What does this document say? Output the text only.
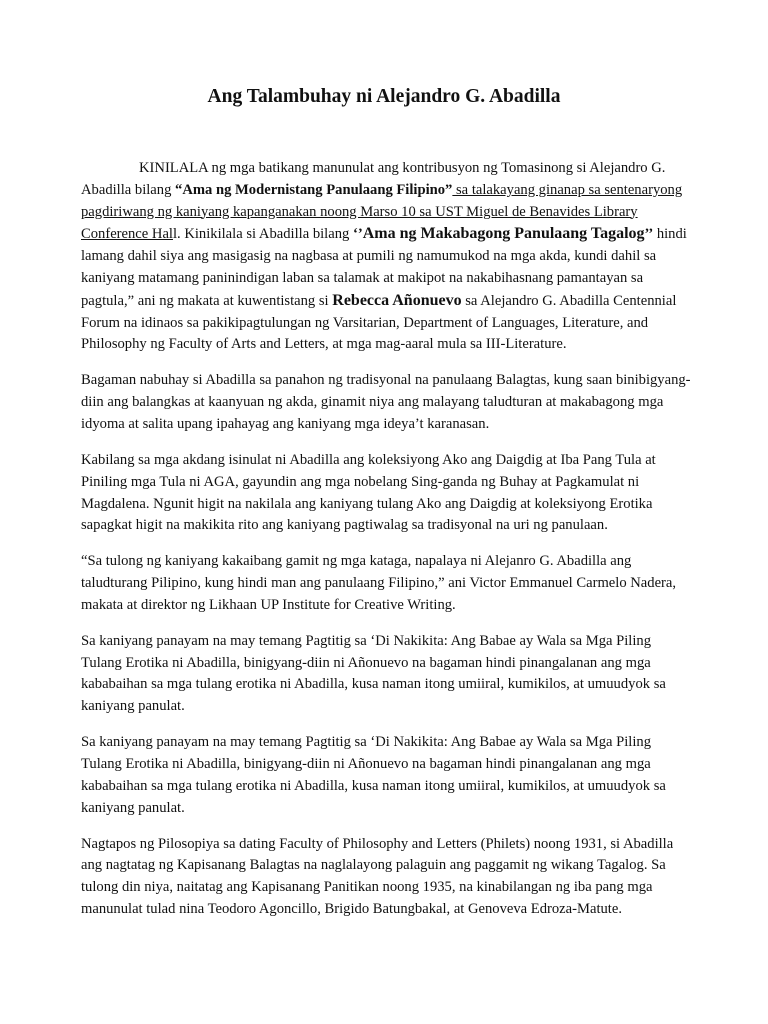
Ang Talambuhay ni Alejandro G. Abadilla

KINILALA ng mga batikang manunulat ang kontribusyon ng Tomasinong si Alejandro G. Abadilla bilang “Ama ng Modernistang Panulaang Filipino” sa talakayang ginanap sa sentenaryong pagdiriwang ng kaniyang kapanganakan noong Marso 10 sa UST Miguel de Benavides Library Conference Hall. Kinikilala si Abadilla bilang ‘’Ama ng Makabagong Panulaang Tagalog’’ hindi lamang dahil siya ang masigasig na nagbasa at pumili ng namumukod na mga akda, kundi dahil sa kaniyang matamang paninindigan laban sa talamak at makipot na nakabihasnang pamantayan sa pagtula,” ani ng makata at kuwentistang si Rebecca Añonuevo sa Alejandro G. Abadilla Centennial Forum na idinaos sa pakikipagtulungan ng Varsitarian, Department of Languages, Literature, and Philosophy ng Faculty of Arts and Letters, at mga mag-aaral mula sa III-Literature.

Bagaman nabuhay si Abadilla sa panahon ng tradisyonal na panulaang Balagtas, kung saan binibigyang-diin ang balangkas at kaanyuan ng akda, ginamit niya ang malayang taludturan at makabagong mga idyoma at salita upang ipahayag ang kaniyang mga ideya’t karanasan.

Kabilang sa mga akdang isinulat ni Abadilla ang koleksiyong Ako ang Daigdig at Iba Pang Tula at Piniling mga Tula ni AGA, gayundin ang mga nobelang Sing-ganda ng Buhay at Pagkamulat ni Magdalena. Ngunit higit na nakilala ang kaniyang tulang Ako ang Daigdig at koleksiyong Erotika sapagkat higit na makikita rito ang kaniyang pagtiwalag sa tradisyonal na uri ng panulaan.

“Sa tulong ng kaniyang kakaibang gamit ng mga kataga, napalaya ni Alejanro G. Abadilla ang taludturang Pilipino, kung hindi man ang panulaang Filipino,” ani Victor Emmanuel Carmelo Nadera, makata at direktor ng Likhaan UP Institute for Creative Writing.

Sa kaniyang panayam na may temang Pagtitig sa ‘Di Nakikita: Ang Babae ay Wala sa Mga Piling Tulang Erotika ni Abadilla, binigyang-diin ni Añonuevo na bagaman hindi pinangalanan ang mga kababaihan sa mga tulang erotika ni Abadilla, kusa naman itong umiiral, kumikilos, at umuudyok sa kaniyang panulat.

Sa kaniyang panayam na may temang Pagtitig sa ‘Di Nakikita: Ang Babae ay Wala sa Mga Piling Tulang Erotika ni Abadilla, binigyang-diin ni Añonuevo na bagaman hindi pinangalanan ang mga kababaihan sa mga tulang erotika ni Abadilla, kusa naman itong umiiral, kumikilos, at umuudyok sa kaniyang panulat.

Nagtapos ng Pilosopiya sa dating Faculty of Philosophy and Letters (Philets) noong 1931, si Abadilla ang nagtatag ng Kapisanang Balagtas na naglalayong palaguin ang paggamit ng wikang Tagalog. Sa tulong din niya, naitatag ang Kapisanang Panitikan noong 1935, na kinabilangan ng iba pang mga manunulat tulad nina Teodoro Agoncillo, Brigido Batungbakal, at Genoveva Edroza-Matute.
